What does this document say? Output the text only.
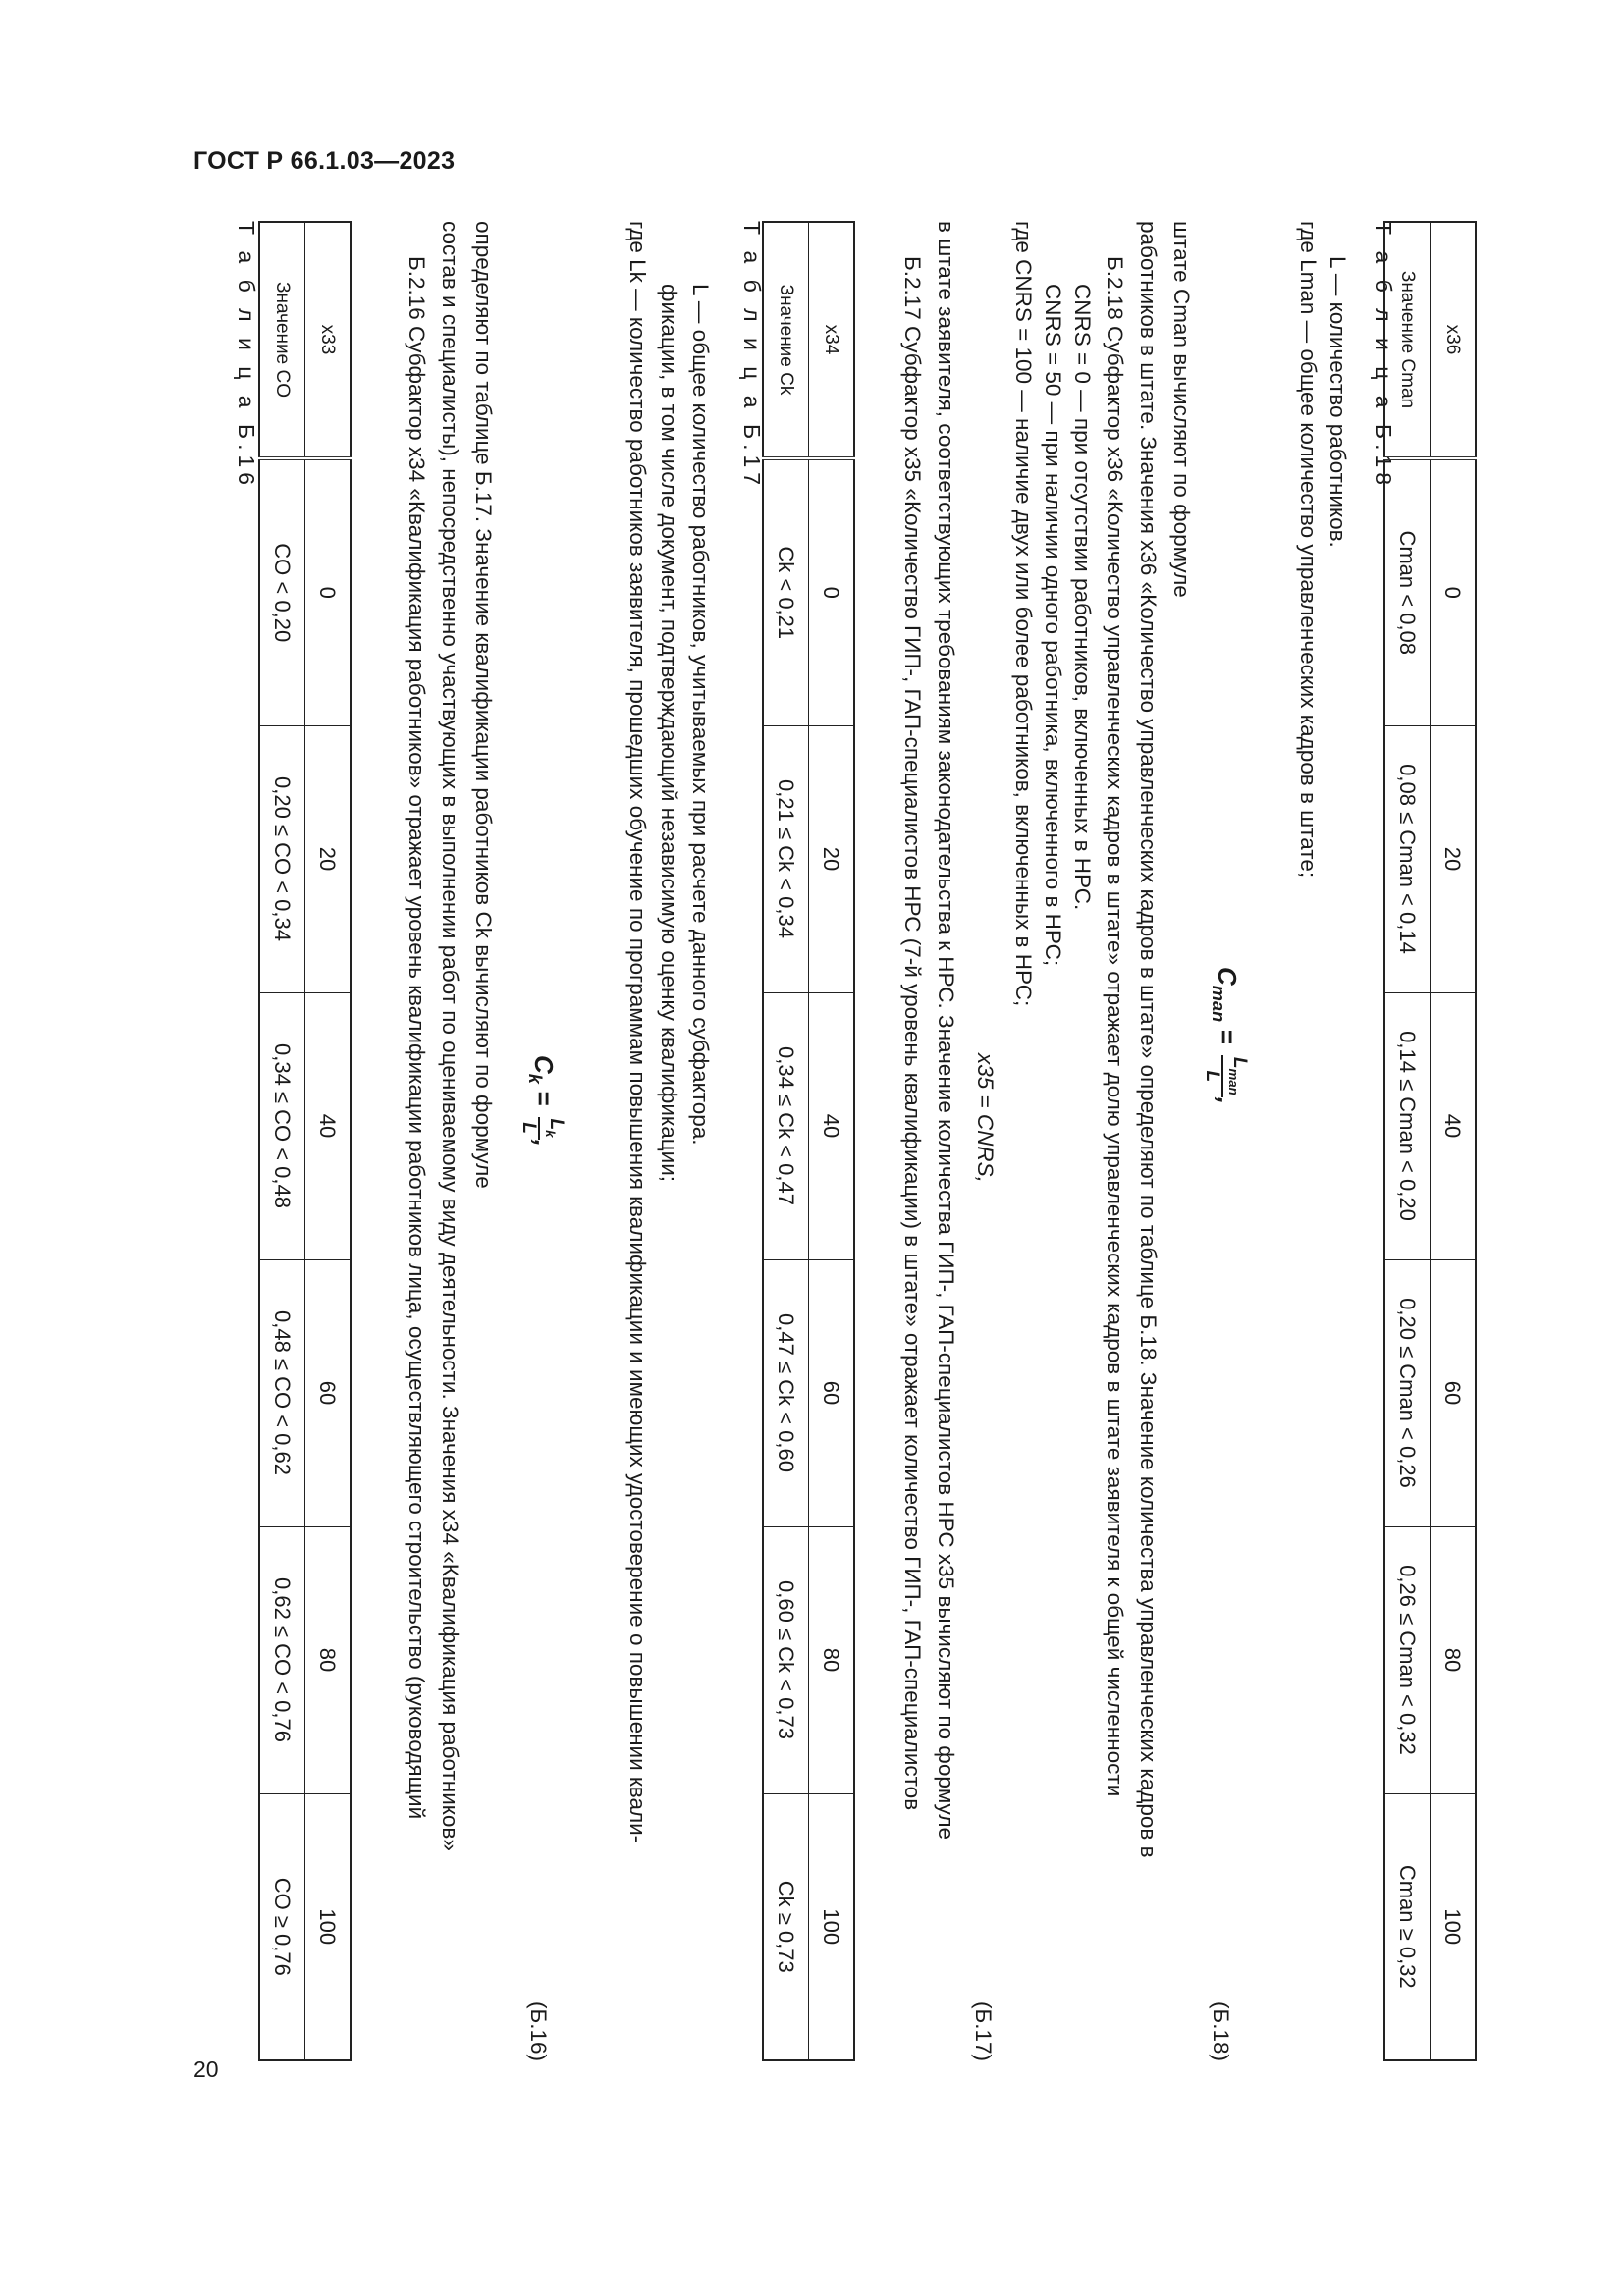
ГОСТ Р 66.1.03—2023
Т а б л и ц а Б.16	x33	0	20	40	60	80	100
Значение CO	CO < 0,20	0,20 ≤ CO < 0,34	0,34 ≤ CO < 0,48	0,48 ≤ CO < 0,62	0,62 ≤ CO < 0,76	CO ≥ 0,76
Б.2.16 Субфактор x34 «Квалификация работников» отражает уровень квалификации работников лица, осуществляющего строительство (руководящий состав и специалисты), непосредственно участвующих в выполнении работ по оцениваемому виду деятельности. Значения x34 «Квалификация работников» определяют по таблице Б.17. Значение квалификации работников Ck вычисляют по формуле	$C_k$ =
$L_k$
L
,
(Б.16)
где Lk — количество работников заявителя, прошедших обучение по программам повышения квалификации и имеющих удостоверение о повышении квали- фикации, в том числе документ, подтверждающий независимую оценку квалификации; L — общее количество работников, учитываемых при расчете данного субфактора. Т а б л и ц а Б.17	x34	0	20	40	60	80	100
Значение Ck	Ck < 0,21	0,21 ≤ Ck < 0,34	0,34 ≤ Ck < 0,47	0,47 ≤ Ck < 0,60	0,60 ≤ Ck < 0,73	Ck ≥ 0,73
Б.2.17 Субфактор x35 «Количество ГИП-, ГАП-специалистов НРС (7-й уровень квалификации) в штате» отражает количество ГИП-, ГАП-специалистов в штате заявителя, соответствующих требованиям законодательства к НРС. Значение количества ГИП-, ГАП-специалистов НРС x35 вычисляют по формуле x35 = CNRS,
(Б.17)
где CNRS = 100 — наличие двух или более работников, включенных в НРС; CNRS = 50 — при наличии одного работника, включенного в НРС; CNRS = 0 — при отсутствии работников, включенных в НРС. Б.2.18 Субфактор x36 «Количество управленческих кадров в штате» отражает долю управленческих кадров в штате заявителя к общей численности работников в штате. Значения x36 «Количество управленческих кадров в штате» определяют по таблице Б.18. Значение количества управленческих кадров в штате Cman вычисляют по формуле
$C_{man}$ =
$L_{man}$
L
,
(Б.18)
где Lman — общее количество управленческих кадров в штате; L — количество работников. Т а б л и ц а Б.18	x36	0	20	40	60	80	100
Значение Cman	Cman < 0,08	0,08 ≤ Cman < 0,14	0,14 ≤ Cman < 0,20	0,20 ≤ Cman < 0,26	0,26 ≤ Cman < 0,32	Cman ≥ 0,32
20
